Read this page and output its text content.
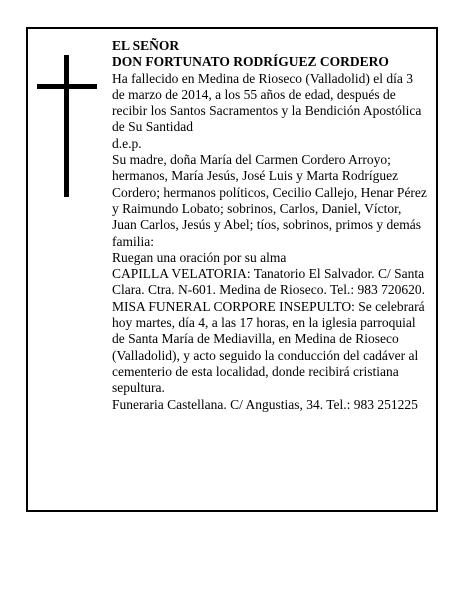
EL SEÑOR

DON FORTUNATO RODRÍGUEZ CORDERO

Ha fallecido en Medina de Rioseco (Valladolid) el día 3 de marzo de 2014, a los 55 años de edad, después de recibir los Santos Sacramentos y la Bendición Apostólica de Su Santidad

d.e.p.

Su madre, doña María del Carmen Cordero Arroyo; hermanos, María Jesús, José Luis y Marta Rodríguez Cordero; hermanos políticos, Cecilio Callejo, Henar Pérez y Raimundo Lobato; sobrinos, Carlos, Daniel, Víctor, Juan Carlos, Jesús y Abel; tíos, sobrinos, primos y demás familia:

Ruegan una oración por su alma

CAPILLA VELATORIA: Tanatorio El Salvador. C/ Santa Clara. Ctra. N-601. Medina de Rioseco. Tel.: 983 720620.

MISA FUNERAL CORPORE INSEPULTO: Se celebrará hoy martes, día 4, a las 17 horas, en la iglesia parroquial de Santa María de Mediavilla, en Medina de Rioseco (Valladolid), y acto seguido la conducción del cadáver al cementerio de esta localidad, donde recibirá cristiana sepultura.

Funeraria Castellana. C/ Angustias, 34. Tel.: 983 251225
